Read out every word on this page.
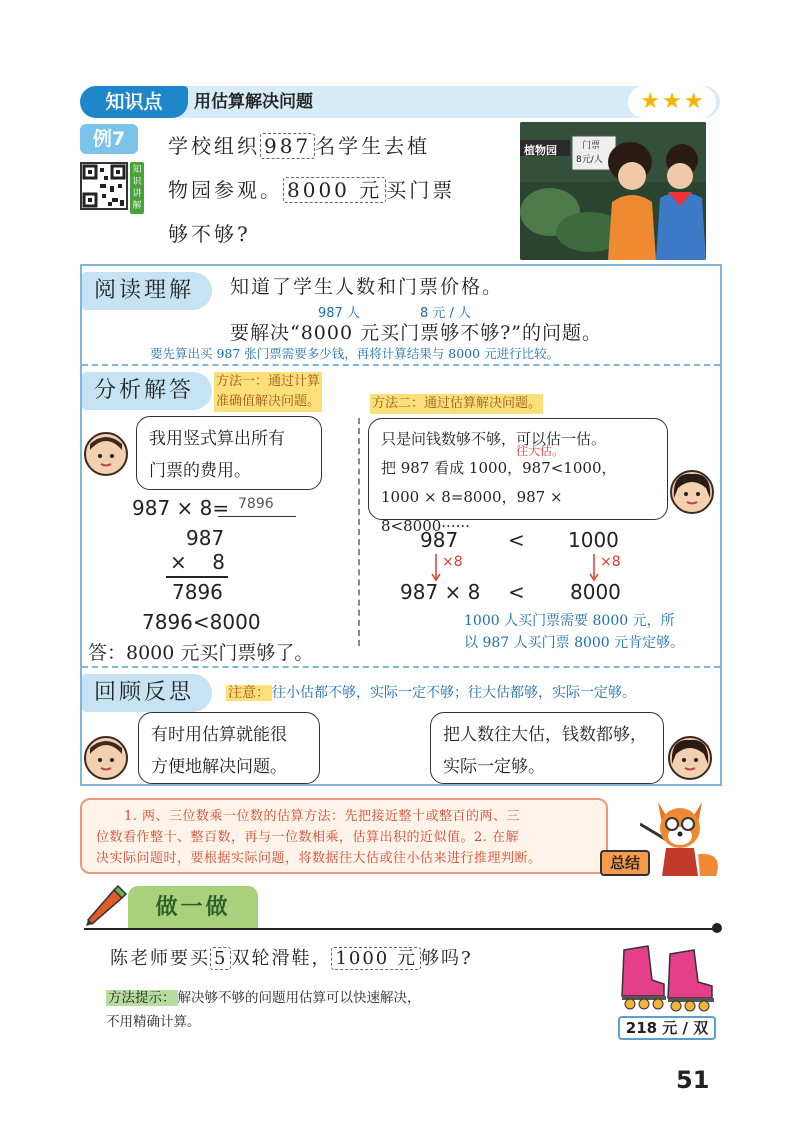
知识点	用估算解决问题	★ ★ ★
例7
知识讲解
学校组织 987 名学生去植
物园参观。 8000 元 买门票
够不够?
植物园	门票
8元/人
阅读理解	知道了学生人数和门票价格。
987 人	8 元 / 人
要解决“8000 元买门票够不够?”的问题。
要先算出买 987 张门票需要多少钱，再将计算结果与 8000 元进行比较。
分析解答	方法一：通过计算
准确值解决问题。	方法二：通过估算解决问题。
我用竖式算出所有
门票的费用。
987 × 8= 7896
987
×    8
7896
7896<8000
答：8000 元买门票够了。
只是问钱数够不够，可以估一估。
把 987 看成 1000，987<1000，
1000 × 8=8000，987 × 8<8000······
往大估。
987 < 1000
×8	×8
987 × 8 < 8000
1000 人买门票需要 8000 元，所
以 987 人买门票 8000 元肯定够。
回顾反思	注意： 往小估都不够，实际一定不够；往大估都够，实际一定够。
有时用估算就能很
方便地解决问题。
把人数往大估，钱数都够，
实际一定够。
1. 两、三位数乘一位数的估算方法：先把接近整十或整百的两、三
位数看作整十、整百数，再与一位数相乘，估算出积的近似值。2. 在解
决实际问题时，要根据实际问题，将数据往大估或往小估来进行推理判断。	总结
做一做
陈老师要买 5 双轮滑鞋， 1000 元 够吗?
方法提示： 解决够不够的问题用估算可以快速解决，
不用精确计算。	218 元 / 双
51
